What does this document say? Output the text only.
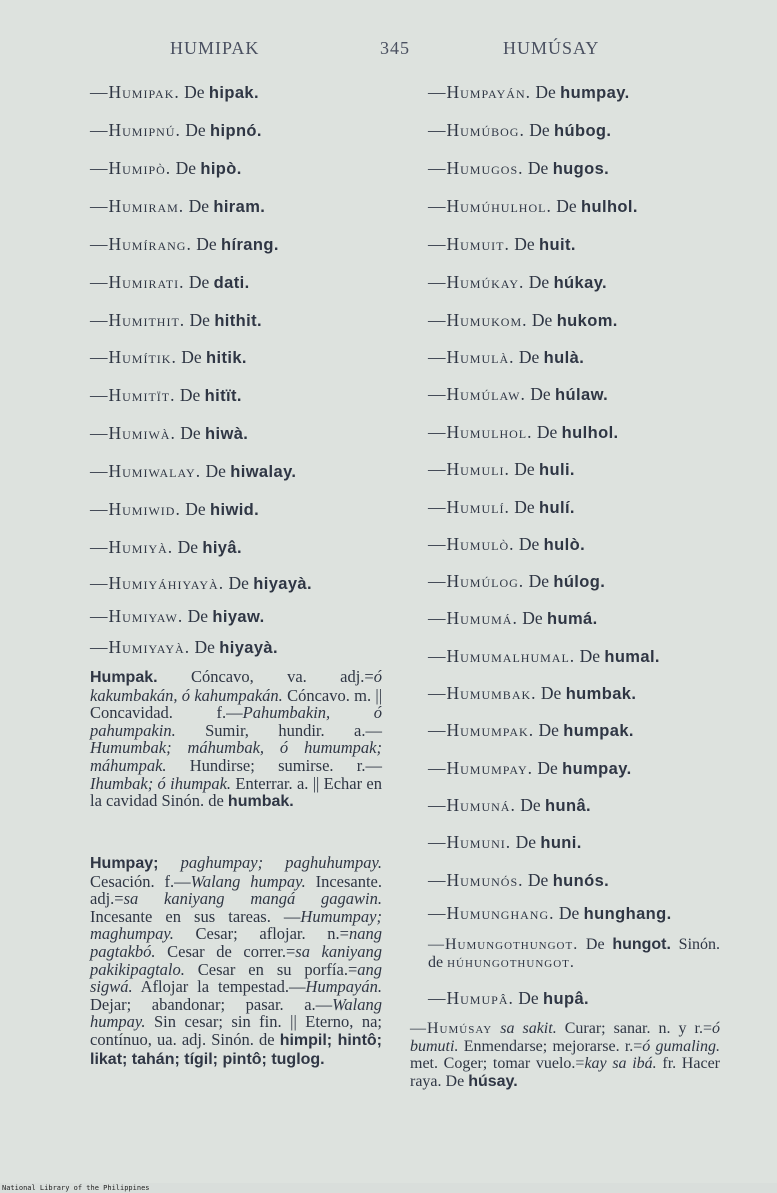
HUMIPAK	345	HUMÚSAY
—Humipak. De hipak.
—Humipnú. De hipnó.
—Humipò. De hipò.
—Humiram. De hiram.
—Humírang. De hírang.
—Humirati. De dati.
—Humithit. De hithit.
—Humítik. De hitik.
—Humitït. De hitït.
—Humiwà. De hiwà.
—Humiwalay. De hiwalay.
—Humiwid. De hiwid.
—Humiyà. De hiyâ.
—Humiyáhiyayà. De hiyayà.
—Humiyaw. De hiyaw.
—Humiyayà. De hiyayà.
Humpak. Cóncavo, va. adj.=ó kakumbakán, ó kahumpakán. Cóncavo. m. || Concavidad. f.—Pahumbakin, ó pahumpakin. Sumir, hundir. a.—Humumbak; máhumbak, ó humumpak; máhumpak. Hundirse; sumirse. r.—Ihumbak; ó ihumpak. Enterrar. a. || Echar en la cavidad Sinón. de humbak.
Humpay; paghumpay; paghuhumpay. Cesación. f.—Walang humpay. Incesante. adj.=sa kaniyang mangá gagawin. Incesante en sus tareas. —Humumpay; maghumpay. Cesar; aflojar. n.=nang pagtakbó. Cesar de correr.=sa kaniyang pakikipagtalo. Cesar en su porfía.=ang sigwá. Aflojar la tempestad.—Humpayán. Dejar; abandonar; pasar. a.—Walang humpay. Sin cesar; sin fin. || Eterno, na; contínuo, ua. adj. Sinón. de himpil; hintô; likat; tahán; tígil; pintô; tuglog.
—Humpayán. De humpay.
—Humúbog. De húbog.
—Humugos. De hugos.
—Humúhulhol. De hulhol.
—Humuit. De huit.
—Humúkay. De húkay.
—Humukom. De hukom.
—Humulà. De hulà.
—Humúlaw. De húlaw.
—Humulhol. De hulhol.
—Humuli. De huli.
—Humulí. De hulí.
—Humulò. De hulò.
—Humúlog. De húlog.
—Humumá. De humá.
—Humumalhumal. De humal.
—Humumbak. De humbak.
—Humumpak. De humpak.
—Humumpay. De humpay.
—Humuná. De hunâ.
—Humuni. De huni.
—Humunós. De hunós.
—Humunghang. De hunghang.
—Humungothungot. De hungot. Sinón. de húhungothungot.
—Humupâ. De hupâ.
—Humúsay sa sakit. Curar; sanar. n. y r.=ó bumuti. Enmendarse; mejorarse. r.=ó gumaling. met. Coger; tomar vuelo.=kay sa ibá. fr. Hacer raya. De húsay.
National Library of the Philippines
